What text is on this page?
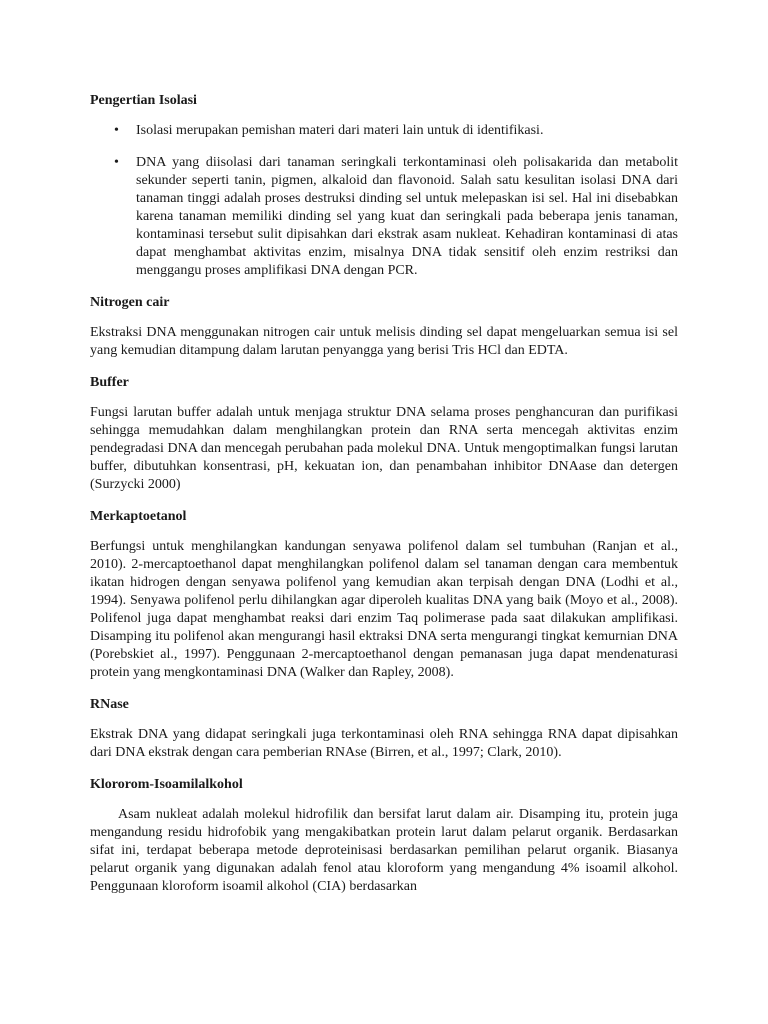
Pengertian Isolasi

• Isolasi merupakan pemishan materi dari materi lain untuk di identifikasi.
• DNA yang diisolasi dari tanaman seringkali terkontaminasi oleh polisakarida dan metabolit sekunder seperti tanin, pigmen, alkaloid dan flavonoid. Salah satu kesulitan isolasi DNA dari tanaman tinggi adalah proses destruksi dinding sel untuk melepaskan isi sel. Hal ini disebabkan karena tanaman memiliki dinding sel yang kuat dan seringkali pada beberapa jenis tanaman, kontaminasi tersebut sulit dipisahkan dari ekstrak asam nukleat. Kehadiran kontaminasi di atas dapat menghambat aktivitas enzim, misalnya DNA tidak sensitif oleh enzim restriksi dan menggangu proses amplifikasi DNA dengan PCR.

Nitrogen cair

Ekstraksi DNA menggunakan nitrogen cair untuk melisis dinding sel dapat mengeluarkan semua isi sel yang kemudian ditampung dalam larutan penyangga yang berisi Tris HCl dan EDTA.

Buffer

Fungsi larutan buffer adalah untuk menjaga struktur DNA selama proses penghancuran dan purifikasi sehingga memudahkan dalam menghilangkan protein dan RNA serta mencegah aktivitas enzim pendegradasi DNA dan mencegah perubahan pada molekul DNA. Untuk mengoptimalkan fungsi larutan buffer, dibutuhkan konsentrasi, pH, kekuatan ion, dan penambahan inhibitor DNAase dan detergen (Surzycki 2000)

Merkaptoetanol

Berfungsi untuk menghilangkan kandungan senyawa polifenol dalam sel tumbuhan (Ranjan et al., 2010). 2-mercaptoethanol dapat menghilangkan polifenol dalam sel tanaman dengan cara membentuk ikatan hidrogen dengan senyawa polifenol yang kemudian akan terpisah dengan DNA (Lodhi et al., 1994). Senyawa polifenol perlu dihilangkan agar diperoleh kualitas DNA yang baik (Moyo et al., 2008). Polifenol juga dapat menghambat reaksi dari enzim Taq polimerase pada saat dilakukan amplifikasi. Disamping itu polifenol akan mengurangi hasil ektraksi DNA serta mengurangi tingkat kemurnian DNA (Porebskiet al., 1997). Penggunaan 2-mercaptoethanol dengan pemanasan juga dapat mendenaturasi protein yang mengkontaminasi DNA (Walker dan Rapley, 2008).

RNase

Ekstrak DNA yang didapat seringkali juga terkontaminasi oleh RNA sehingga RNA dapat dipisahkan dari DNA ekstrak dengan cara pemberian RNAse (Birren, et al., 1997; Clark, 2010).

Klororom-Isoamilalkohol

Asam nukleat adalah molekul hidrofilik dan bersifat larut dalam air. Disamping itu, protein juga mengandung residu hidrofobik yang mengakibatkan protein larut dalam pelarut organik. Berdasarkan sifat ini, terdapat beberapa metode deproteinisasi berdasarkan pemilihan pelarut organik. Biasanya pelarut organik yang digunakan adalah fenol atau kloroform yang mengandung 4% isoamil alkohol. Penggunaan kloroform isoamil alkohol (CIA) berdasarkan
